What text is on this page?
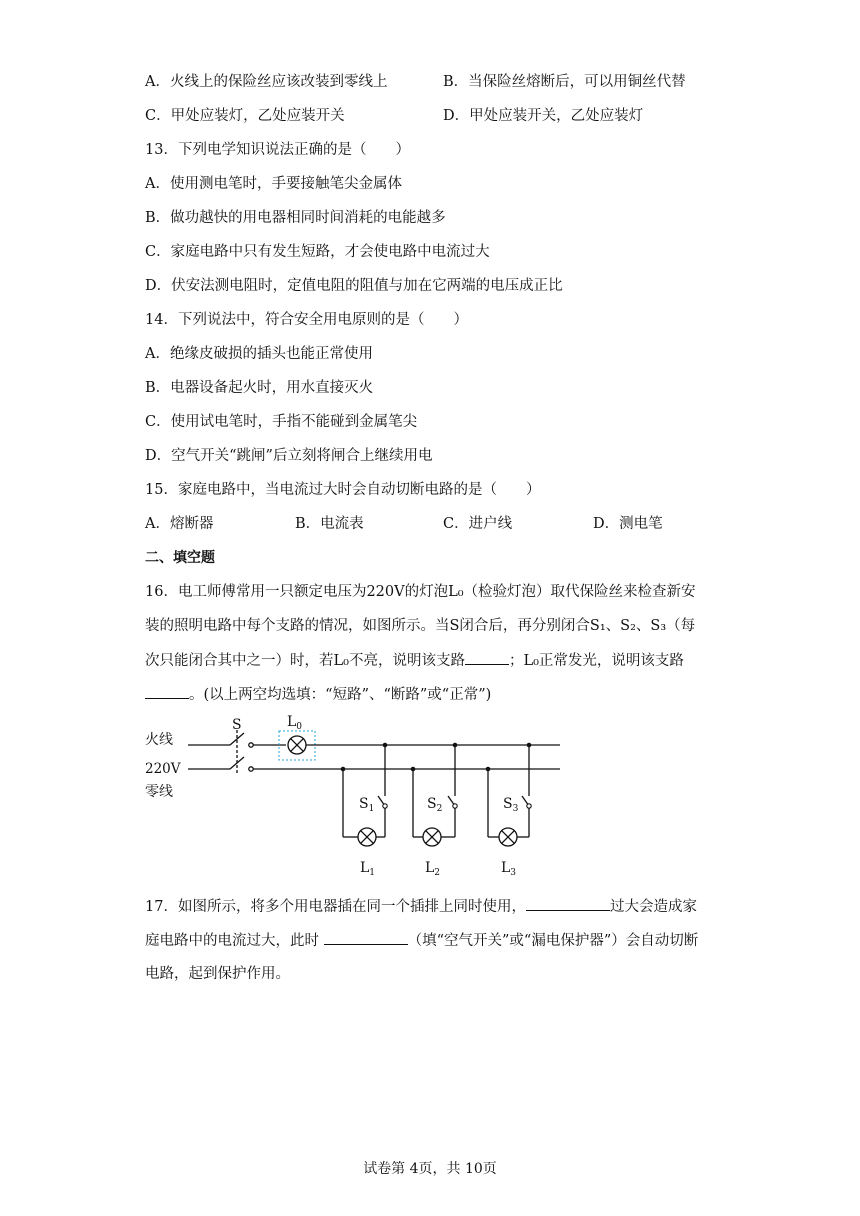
A．火线上的保险丝应该改装到零线上	B．当保险丝熔断后，可以用铜丝代替
C．甲处应装灯，乙处应装开关	D．甲处应装开关，乙处应装灯
13．下列电学知识说法正确的是（　　）
A．使用测电笔时，手要接触笔尖金属体
B．做功越快的用电器相同时间消耗的电能越多
C．家庭电路中只有发生短路，才会使电路中电流过大
D．伏安法测电阻时，定值电阻的阻值与加在它两端的电压成正比
14．下列说法中，符合安全用电原则的是（　　）
A．绝缘皮破损的插头也能正常使用
B．电器设备起火时，用水直接灭火
C．使用试电笔时，手指不能碰到金属笔尖
D．空气开关“跳闸”后立刻将闸合上继续用电
15．家庭电路中，当电流过大时会自动切断电路的是（　　）
A．熔断器	B．电流表	C．进户线	D．测电笔
二、填空题
16．电工师傅常用一只额定电压为220V的灯泡L₀（检验灯泡）取代保险丝来检查新安
装的照明电路中每个支路的情况，如图所示。当S闭合后，再分别闭合S₁、S₂、S₃（每
次只能闭合其中之一）时，若L₀不亮，说明该支路	；L₀正常发光，说明该支路
。(以上两空均选填：“短路”、“断路”或“正常”)
火线
220V
零线
S	$L_0$
$S_1$	$S_2$	$S_3$
$L_1$	$L_2$	$L_3$
17．如图所示，将多个用电器插在同一个插排上同时使用，	过大会造成家
庭电路中的电流过大，此时	（填“空气开关”或“漏电保护器”）会自动切断
电路，起到保护作用。
试卷第 4页，共 10页
